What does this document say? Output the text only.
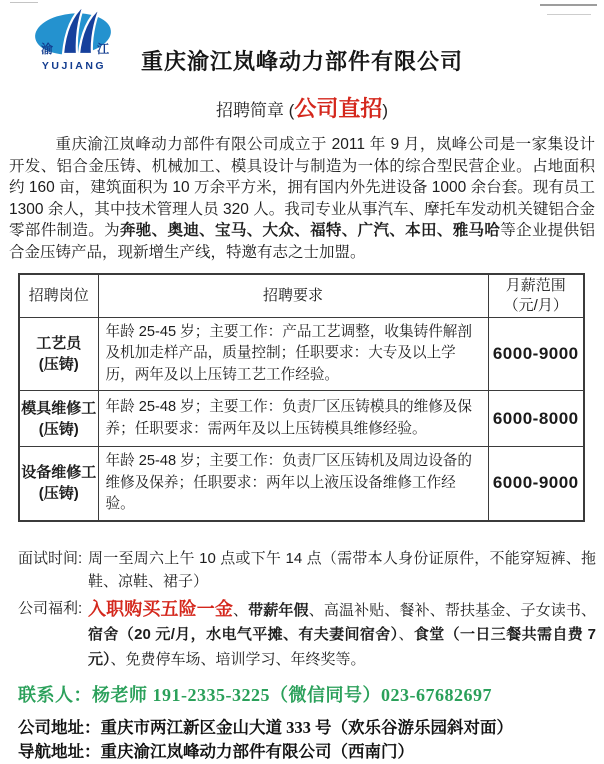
渝	江
YUJIANG	重庆渝江岚峰动力部件有限公司
招聘简章 (公司直招)

重庆渝江岚峰动力部件有限公司成立于 2011 年 9 月，岚峰公司是一家集设计开发、铝合金压铸、机械加工、模具设计与制造为一体的综合型民营企业。占地面积约 160 亩，建筑面积为 10 万余平方米，拥有国内外先进设备 1000 余台套。现有员工 1300 余人，其中技术管理人员 320 人。我司专业从事汽车、摩托车发动机关键铝合金零部件制造。为奔驰、奥迪、宝马、大众、福特、广汽、本田、雅马哈等企业提供铝合金压铸产品，现新增生产线，特邀有志之士加盟。

招聘岗位	招聘要求	月薪范围
（元/月）

工艺员
(压铸)	年龄 25-45 岁；主要工作：产品工艺调整，收集铸件解剖及机加走样产品，质量控制；任职要求：大专及以上学历，两年及以上压铸工艺工作经验。	6000-9000

模具维修工
(压铸)	年龄 25-48 岁；主要工作：负责厂区压铸模具的维修及保养；任职要求：需两年及以上压铸模具维修经验。	6000-8000

设备维修工
(压铸)	年龄 25-48 岁；主要工作：负责厂区压铸机及周边设备的维修及保养；任职要求：两年以上液压设备维修工作经验。	6000-9000
面试时间: 周一至周六上午 10 点或下午 14 点（需带本人身份证原件，不能穿短裤、拖鞋、凉鞋、裙子）
公司福利: 入职购买五险一金、带薪年假、高温补贴、餐补、帮扶基金、子女读书、宿舍（20 元/月，水电气平摊、有夫妻间宿舍）、食堂（一日三餐共需自费 7 元）、免费停车场、培训学习、年终奖等。
联系人：杨老师 191-2335-3225（微信同号）023-67682697
公司地址：重庆市两江新区金山大道 333 号（欢乐谷游乐园斜对面）
导航地址：重庆渝江岚峰动力部件有限公司（西南门）
